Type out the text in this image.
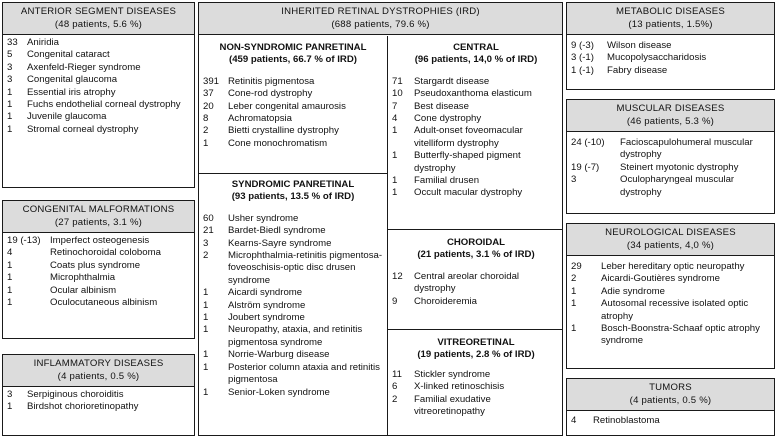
ANTERIOR SEGMENT DISEASES
(48 patients, 5.6 %)
33 Aniridia
5	Congenital cataract
3	Axenfeld-Rieger syndrome
3	Congenital glaucoma
1	Essential iris atrophy
1	Fuchs endothelial corneal dystrophy
1	Juvenile glaucoma
1	Stromal corneal dystrophy
CONGENITAL MALFORMATIONS
(27 patients, 3.1 %)
19 (-13) Imperfect osteogenesis
4	Retinochoroidal coloboma
1	Coats plus syndrome
1	Microphthalmia
1	Ocular albinism
1	Oculocutaneous albinism
INFLAMMATORY DISEASES
(4 patients, 0.5 %)
3	Serpiginous choroiditis
1	Birdshot chorioretinopathy
INHERITED RETINAL DYSTROPHIES (IRD)
(688 patients, 79.6 %)
NON-SYNDROMIC PANRETINAL
(459 patients, 66.7 % of IRD)
391 Retinitis pigmentosa
37	Cone-rod dystrophy
20	Leber congenital amaurosis
8	Achromatopsia
2	Bietti crystalline dystrophy
1	Cone monochromatism
SYNDROMIC PANRETINAL
(93 patients, 13.5 % of IRD)
60	Usher syndrome
21	Bardet-Biedl syndrome
3	Kearns-Sayre syndrome
2	Microphthalmia-retinitis pigmentosa-foveoschisis-optic disc drusen syndrome
1	Aicardi syndrome
1	Alström syndrome
1	Joubert syndrome
1	Neuropathy, ataxia, and retinitis pigmentosa syndrome
1	Norrie-Warburg disease
1	Posterior column ataxia and retinitis pigmentosa
1	Senior-Loken syndrome
CENTRAL
(96 patients, 14,0 % of IRD)
71	Stargardt disease
10	Pseudoxanthoma elasticum
7	Best disease
4	Cone dystrophy
1	Adult-onset foveomacular vitelliform dystrophy
1	Butterfly-shaped pigment dystrophy
1	Familial drusen
1	Occult macular dystrophy
CHOROIDAL
(21 patients, 3.1 % of IRD)
12	Central areolar choroidal dystrophy
9	Choroideremia
VITREORETINAL
(19 patients, 2.8 % of IRD)
11	Stickler syndrome
6	X-linked retinoschisis
2	Familial exudative vitreoretinopathy
METABOLIC DISEASES
(13 patients, 1.5%)
9 (-3)	Wilson disease
3 (-1)	Mucopolysaccharidosis
1 (-1)	Fabry disease
MUSCULAR DISEASES
(46 patients, 5.3 %)
24 (-10)	Facioscapulohumeral muscular dystrophy
19 (-7)	Steinert myotonic dystrophy
3	Oculopharyngeal muscular dystrophy
NEUROLOGICAL DISEASES
(34 patients, 4,0 %)
29	Leber hereditary optic neuropathy
2	Aicardi-Goutières syndrome
1	Adie syndrome
1	Autosomal recessive isolated optic atrophy
1	Bosch-Boonstra-Schaaf optic atrophy syndrome
TUMORS
(4 patients, 0.5 %)
4	Retinoblastoma
